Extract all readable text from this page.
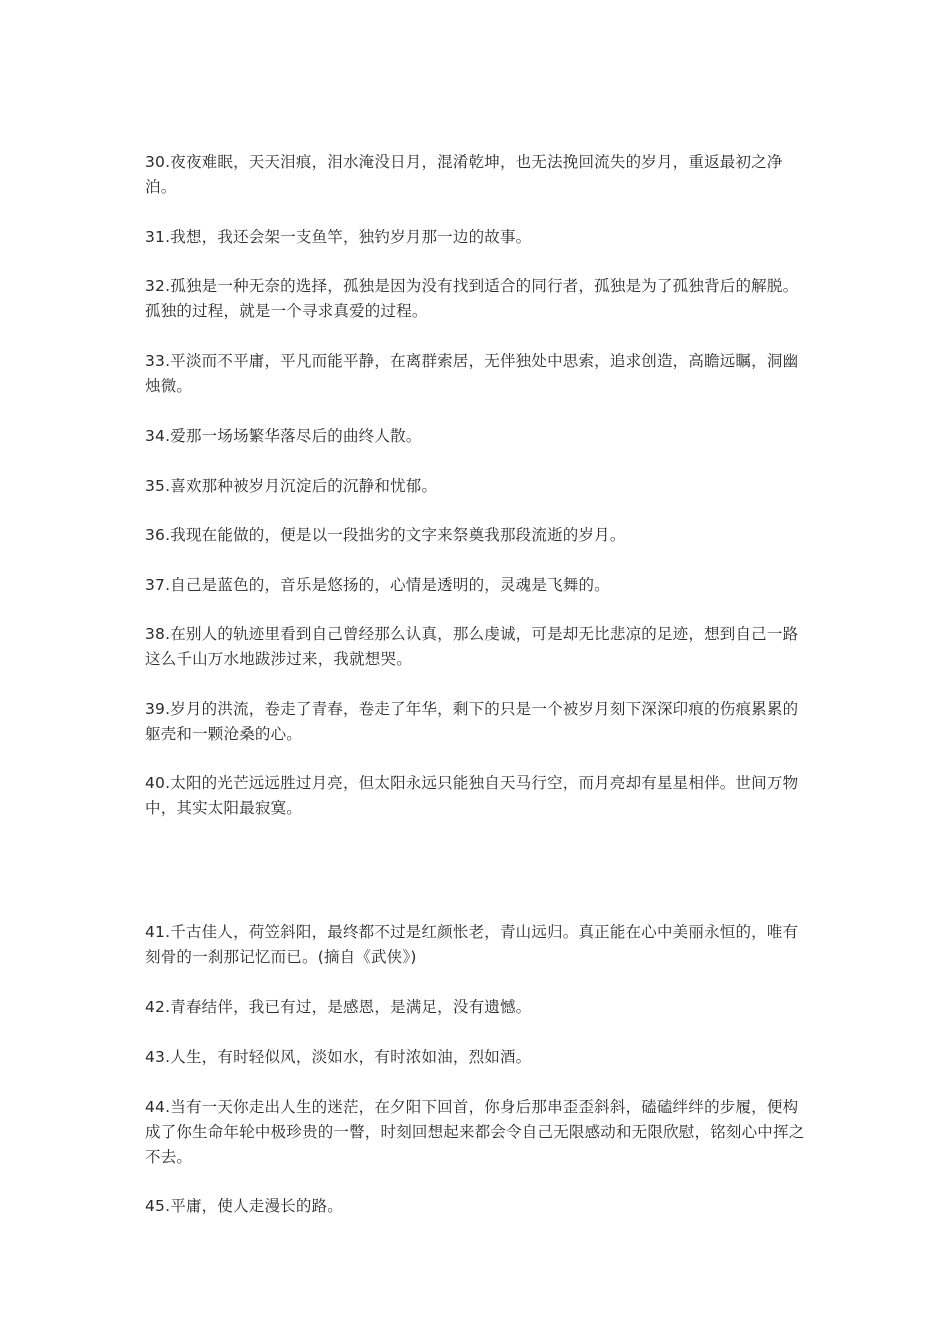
30.夜夜难眠，天天泪痕，泪水淹没日月，混淆乾坤，也无法挽回流失的岁月，重返最初之净泊。

31.我想，我还会架一支鱼竿，独钓岁月那一边的故事。

32.孤独是一种无奈的选择，孤独是因为没有找到适合的同行者，孤独是为了孤独背后的解脱。孤独的过程，就是一个寻求真爱的过程。

33.平淡而不平庸，平凡而能平静，在离群索居，无伴独处中思索，追求创造，高瞻远瞩，洞幽烛微。

34.爱那一场场繁华落尽后的曲终人散。

35.喜欢那种被岁月沉淀后的沉静和忧郁。

36.我现在能做的，便是以一段拙劣的文字来祭奠我那段流逝的岁月。

37.自己是蓝色的，音乐是悠扬的，心情是透明的，灵魂是飞舞的。

38.在别人的轨迹里看到自己曾经那么认真，那么虔诚，可是却无比悲凉的足迹，想到自己一路这么千山万水地跋涉过来，我就想哭。

39.岁月的洪流，卷走了青春，卷走了年华，剩下的只是一个被岁月刻下深深印痕的伤痕累累的躯壳和一颗沧桑的心。

40.太阳的光芒远远胜过月亮，但太阳永远只能独自天马行空，而月亮却有星星相伴。世间万物中，其实太阳最寂寞。

41.千古佳人，荷笠斜阳，最终都不过是红颜怅老，青山远归。真正能在心中美丽永恒的，唯有刻骨的一刹那记忆而已。(摘自《武侠》)

42.青春结伴，我已有过，是感恩，是满足，没有遗憾。

43.人生，有时轻似风，淡如水，有时浓如油，烈如酒。

44.当有一天你走出人生的迷茫，在夕阳下回首，你身后那串歪歪斜斜，磕磕绊绊的步履，便构成了你生命年轮中极珍贵的一瞥，时刻回想起来都会令自己无限感动和无限欣慰，铭刻心中挥之不去。

45.平庸，使人走漫长的路。
